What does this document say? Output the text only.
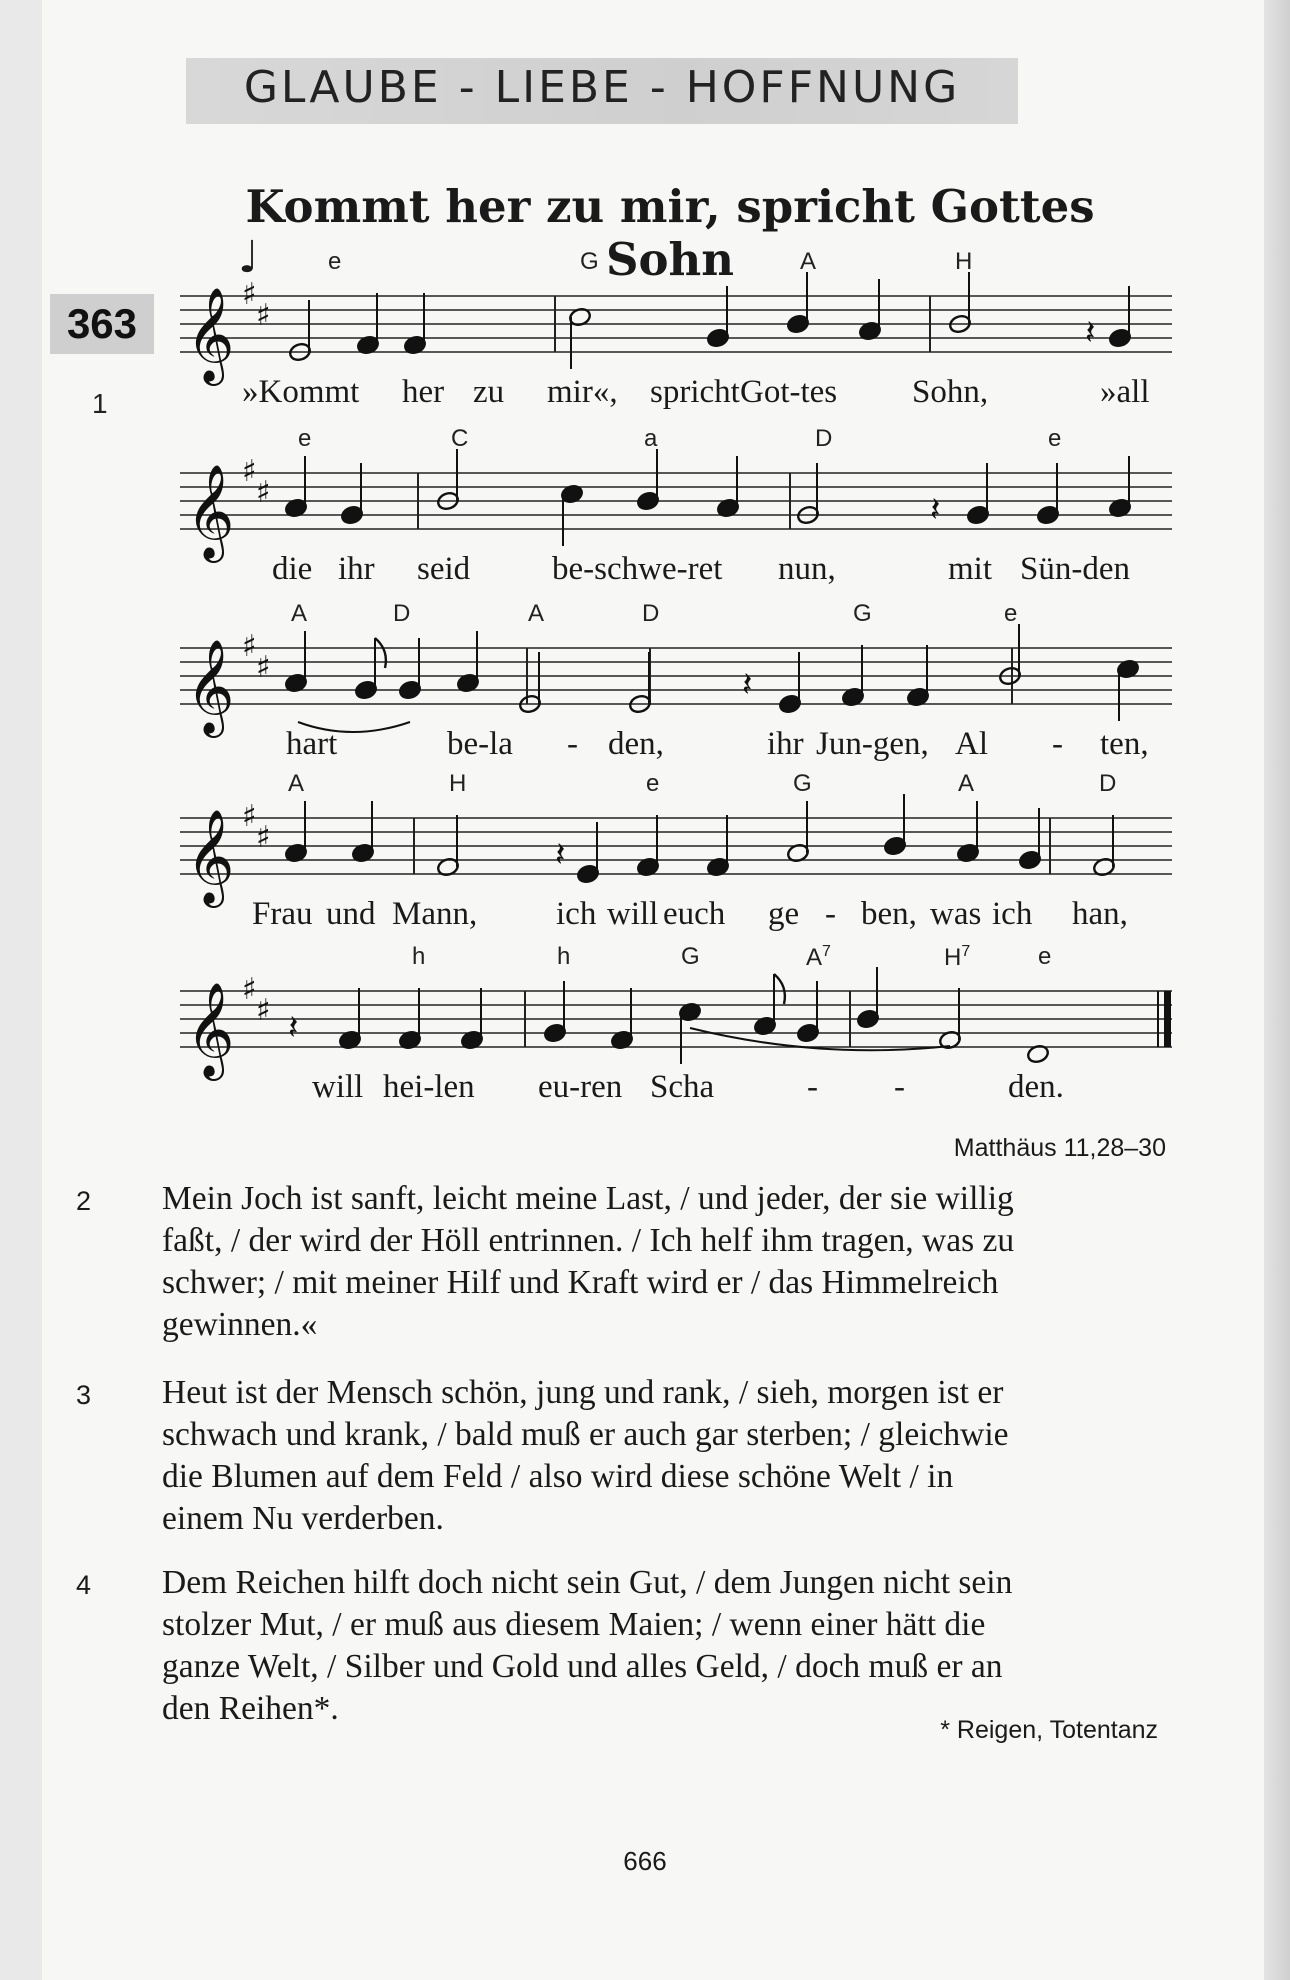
GLAUBE - LIEBE - HOFFNUNG
Kommt her zu mir, spricht Gottes Sohn
363
1
♩
𝄞 ♯
♯	𝄽
𝄞 ♯
♯	𝄽
𝄞 ♯
♯	𝄽
𝄞 ♯
♯	𝄽
𝄞 ♯
♯ 𝄽
e	G	A	H
e	C	a	D	e
A	D	A	D	G	e
A	H	e	G	A	D
h	h	G	$A^7$	$H^7$	e
»Kommt her zu mir«, spricht Got-tes Sohn,	»all
die ihr seid be-schwe-ret nun,	mit Sün-den
hart	be-la - den,	ihr Jun-gen, Al - ten,
Frau und Mann, ich will euch ge - ben, was ich han,
will hei-len eu-ren Scha	- -	den.
Matthäus 11,28–30
2 Mein Joch ist sanft, leicht meine Last, / und jeder, der sie willig
faßt, / der wird der Höll entrinnen. / Ich helf ihm tragen, was zu
schwer; / mit meiner Hilf und Kraft wird er / das Himmelreich
gewinnen.«
3 Heut ist der Mensch schön, jung und rank, / sieh, morgen ist er
schwach und krank, / bald muß er auch gar sterben; / gleichwie
die Blumen auf dem Feld / also wird diese schöne Welt / in
einem Nu verderben.
4 Dem Reichen hilft doch nicht sein Gut, / dem Jungen nicht sein
stolzer Mut, / er muß aus diesem Maien; / wenn einer hätt die
ganze Welt, / Silber und Gold und alles Geld, / doch muß er an
den Reihen*.
* Reigen, Totentanz
666
